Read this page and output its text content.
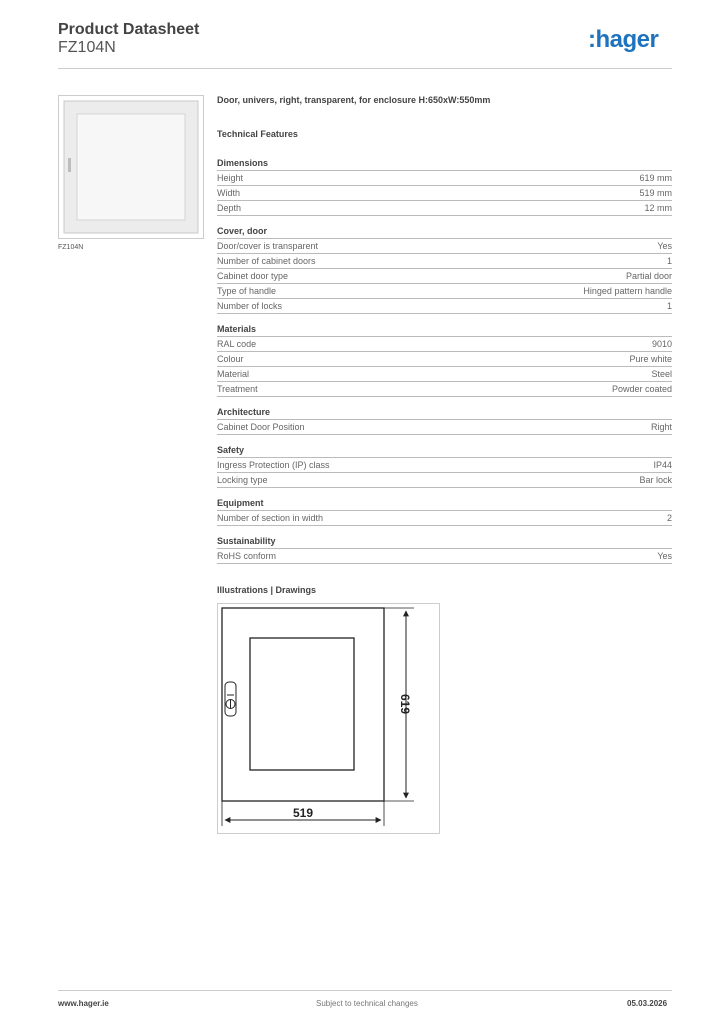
Product Datasheet
FZ104N	:hager
FZ104N
Door, univers, right, transparent, for enclosure H:650xW:550mm
Technical Features
Dimensions
Height	619 mm
Width	519 mm
Depth	12 mm
Cover, door
Door/cover is transparent	Yes
Number of cabinet doors	1
Cabinet door type	Partial door
Type of handle	Hinged pattern handle
Number of locks	1
Materials
RAL code	9010
Colour	Pure white
Material	Steel
Treatment	Powder coated
Architecture
Cabinet Door Position	Right
Safety
Ingress Protection (IP) class	IP44
Locking type	Bar lock
Equipment
Number of section in width	2
Sustainability
RoHS conform	Yes
Illustrations | Drawings
619
519
www.hager.ie	Subject to technical changes	05.03.2026
